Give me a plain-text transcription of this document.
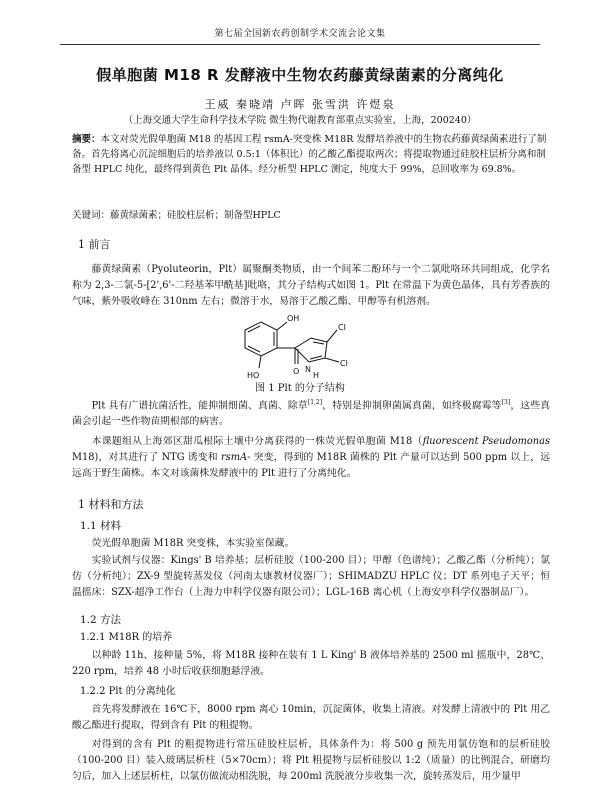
第七届全国新农药创制学术交流会论文集
假单胞菌 M18 R 发酵液中生物农药藤黄绿菌素的分离纯化
王威 秦晓靖 卢晖 张雪洪 许煜泉
（上海交通大学生命科学技术学院 微生物代谢教育部重点实验室，上海，200240）
摘要：本文对荧光假单胞菌 M18 的基因工程 rsmA-突变株 M18R 发酵培养液中的生物农药藤黄绿菌素进行了制备。首先将离心沉淀细胞后的培养液以 0.5:1（体积比）的乙酸乙酯提取两次；将提取物通过硅胶柱层析分离和制备型 HPLC 纯化，最终得到黄色 Plt 晶体。经分析型 HPLC 测定，纯度大于 99%，总回收率为 69.8%。
关键词：藤黄绿菌素；硅胶柱层析；制备型HPLC
1 前言
藤黄绿菌素（Pyoluteorin，Plt）属聚酮类物质，由一个间苯二酚环与一个二氯吡咯环共同组成，化学名称为 2,3-二氯-5-[2',6'-二羟基苯甲酰基]吡咯，其分子结构式如图 1。Plt 在常温下为黄色晶体，具有芳香族的气味，紫外吸收峰在 310nm 左右；微溶于水，易溶于乙酸乙酯、甲醇等有机溶剂。
OH
HO	O N
H
Cl
Cl
图 1 Plt 的分子结构
Plt 具有广谱抗菌活性，能抑制细菌、真菌、除草[1,2]，特别是抑制卵菌属真菌，如终极腐霉等[3]，这些真菌会引起一些作物苗期根部的病害。
本课题组从上海郊区甜瓜根际土壤中分离获得的一株荧光假单胞菌 M18（fluorescent Pseudomonas M18)，对其进行了 NTG 诱变和 rsmA- 突变，得到的 M18R 菌株的 Plt 产量可以达到 500 ppm 以上，远远高于野生菌株。本文对该菌株发酵液中的 Plt 进行了分离纯化。
1 材料和方法
1.1 材料
荧光假单胞菌 M18R 突变株，本实验室保藏。
实验试剂与仪器：Kings' B 培养基；层析硅胶（100-200 目）；甲醇（色谱纯）；乙酸乙酯（分析纯）；氯仿（分析纯）；ZX-9 型旋转蒸发仪（河南太康教材仪器厂）；SHIMADZU HPLC 仪；DT 系列电子天平；恒温摇床：SZX-超净工作台（上海力申科学仪器有限公司）；LGL-16B 离心机（上海安亭科学仪器制品厂）。
1.2 方法
1.2.1 M18R 的培养
以种龄 11h、接种量 5%，将 M18R 接种在装有 1 L King' B 液体培养基的 2500 ml 摇瓶中，28℃、220 rpm，培养 48 小时后收获细胞悬浮液。
1.2.2 Plt 的分离纯化
首先将发酵液在 16℃下，8000 rpm 离心 10min，沉淀菌体，收集上清液。对发酵上清液中的 Plt 用乙酸乙酯进行提取，得到含有 Plt 的粗提物。
对得到的含有 Plt 的粗提物进行常压硅胶柱层析，具体条件为：将 500 g 预先用氯仿饱和的层析硅胶（100-200 目）装入玻璃层析柱（5×70cm）；将 Plt 粗提物与层析硅胶以 1:2（质量）的比例混合，研磨均匀后，加入上述层析柱，以氯仿做流动相洗脱，每 200ml 洗脱液分步收集一次，旋转蒸发后，用少量甲
